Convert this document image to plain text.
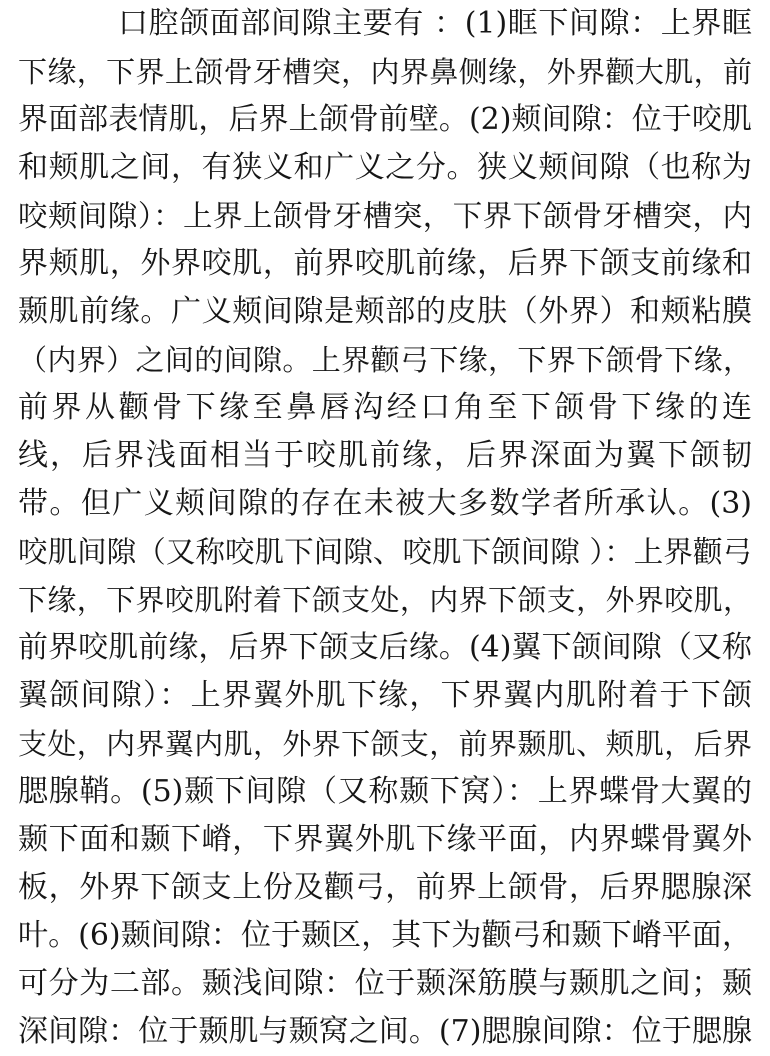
口腔颌面部间隙主要有 ：(1)眶下间隙：上界眶
下缘，下界上颌骨牙槽突，内界鼻侧缘，外界颧大肌，前
界面部表情肌，后界上颌骨前壁。(2)颊间隙：位于咬肌
和颊肌之间，有狭义和广义之分。狭义颊间隙（也称为
咬颊间隙）：上界上颌骨牙槽突，下界下颌骨牙槽突，内
界颊肌，外界咬肌，前界咬肌前缘，后界下颌支前缘和
颞肌前缘。广义颊间隙是颊部的皮肤（外界）和颊粘膜
（内界）之间的间隙。上界颧弓下缘，下界下颌骨下缘，
前界从颧骨下缘至鼻唇沟经口角至下颌骨下缘的连
线，后界浅面相当于咬肌前缘，后界深面为翼下颌韧
带。但广义颊间隙的存在未被大多数学者所承认。(3)
咬肌间隙（又称咬肌下间隙、咬肌下颌间隙 ）：上界颧弓
下缘，下界咬肌附着下颌支处，内界下颌支，外界咬肌，
前界咬肌前缘，后界下颌支后缘。(4)翼下颌间隙（又称
翼颌间隙）：上界翼外肌下缘，下界翼内肌附着于下颌
支处，内界翼内肌，外界下颌支，前界颞肌、颊肌，后界
腮腺鞘。(5)颞下间隙（又称颞下窝）：上界蝶骨大翼的
颞下面和颞下嵴，下界翼外肌下缘平面，内界蝶骨翼外
板，外界下颌支上份及颧弓，前界上颌骨，后界腮腺深
叶。(6)颞间隙：位于颞区，其下为颧弓和颞下嵴平面，
可分为二部。颞浅间隙：位于颞深筋膜与颞肌之间；颞
深间隙：位于颞肌与颞窝之间。(7)腮腺间隙：位于腮腺
